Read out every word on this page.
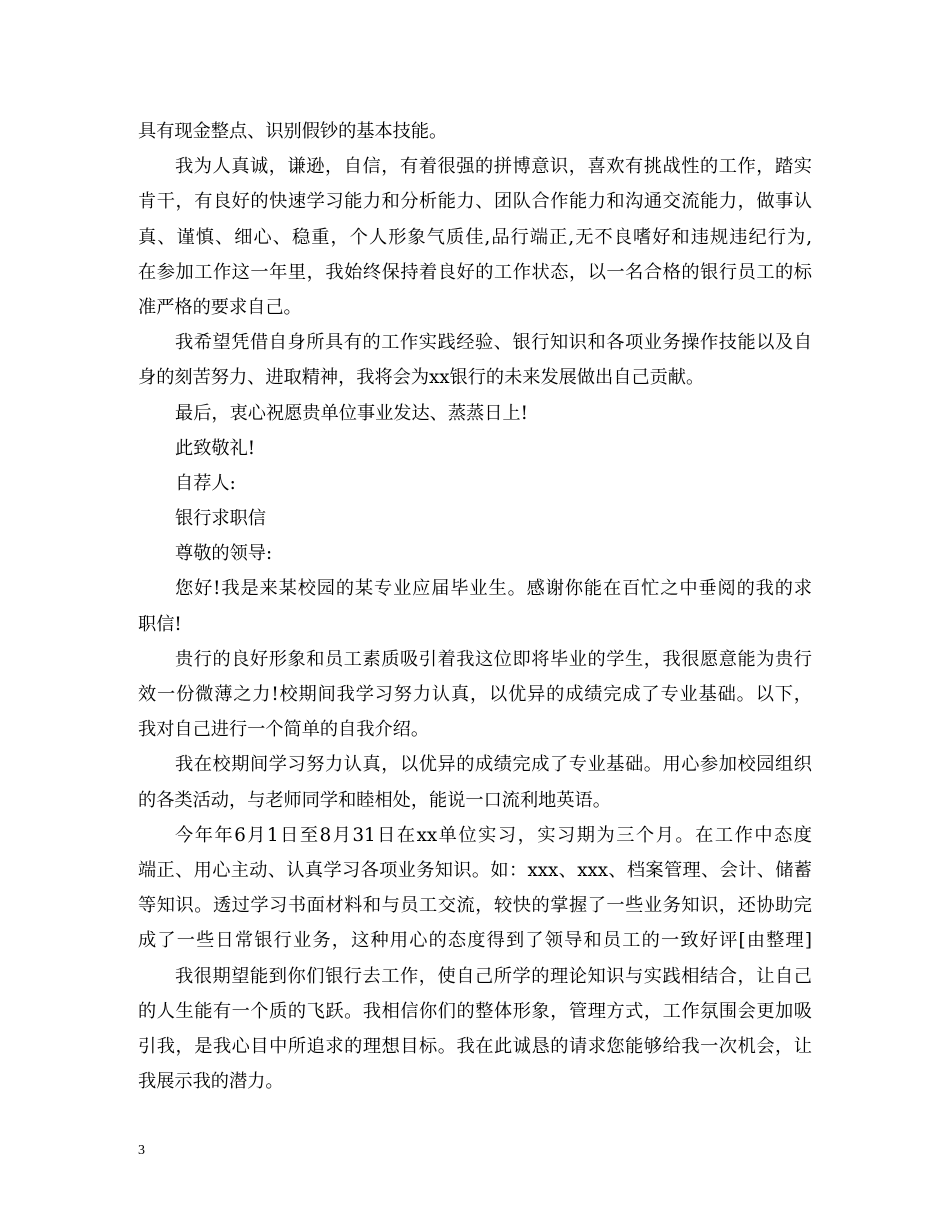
具有现金整点、识别假钞的基本技能。
我为人真诚，谦逊，自信，有着很强的拼博意识，喜欢有挑战性的工作，踏实
肯干，有良好的快速学习能力和分析能力、团队合作能力和沟通交流能力，做事认
真、谨慎、细心、稳重，个人形象气质佳,品行端正,无不良嗜好和违规违纪行为,
在参加工作这一年里，我始终保持着良好的工作状态，以一名合格的银行员工的标
准严格的要求自己。
我希望凭借自身所具有的工作实践经验、银行知识和各项业务操作技能以及自
身的刻苦努力、进取精神，我将会为xx银行的未来发展做出自己贡献。
最后，衷心祝愿贵单位事业发达、蒸蒸日上!
此致敬礼!
自荐人:
银行求职信
尊敬的领导:
您好!我是来某校园的某专业应届毕业生。感谢你能在百忙之中垂阅的我的求
职信!
贵行的良好形象和员工素质吸引着我这位即将毕业的学生，我很愿意能为贵行
效一份微薄之力!校期间我学习努力认真，以优异的成绩完成了专业基础。以下，
我对自己进行一个简单的自我介绍。
我在校期间学习努力认真，以优异的成绩完成了专业基础。用心参加校园组织
的各类活动，与老师同学和睦相处，能说一口流利地英语。
今年年6月1日至8月31日在xx单位实习，实习期为三个月。在工作中态度
端正、用心主动、认真学习各项业务知识。如：xxx、xxx、档案管理、会计、储蓄
等知识。透过学习书面材料和与员工交流，较快的掌握了一些业务知识，还协助完
成了一些日常银行业务，这种用心的态度得到了领导和员工的一致好评[由整理]
我很期望能到你们银行去工作，使自己所学的理论知识与实践相结合，让自己
的人生能有一个质的飞跃。我相信你们的整体形象，管理方式，工作氛围会更加吸
引我，是我心目中所追求的理想目标。我在此诚恳的请求您能够给我一次机会，让
我展示我的潜力。
3
